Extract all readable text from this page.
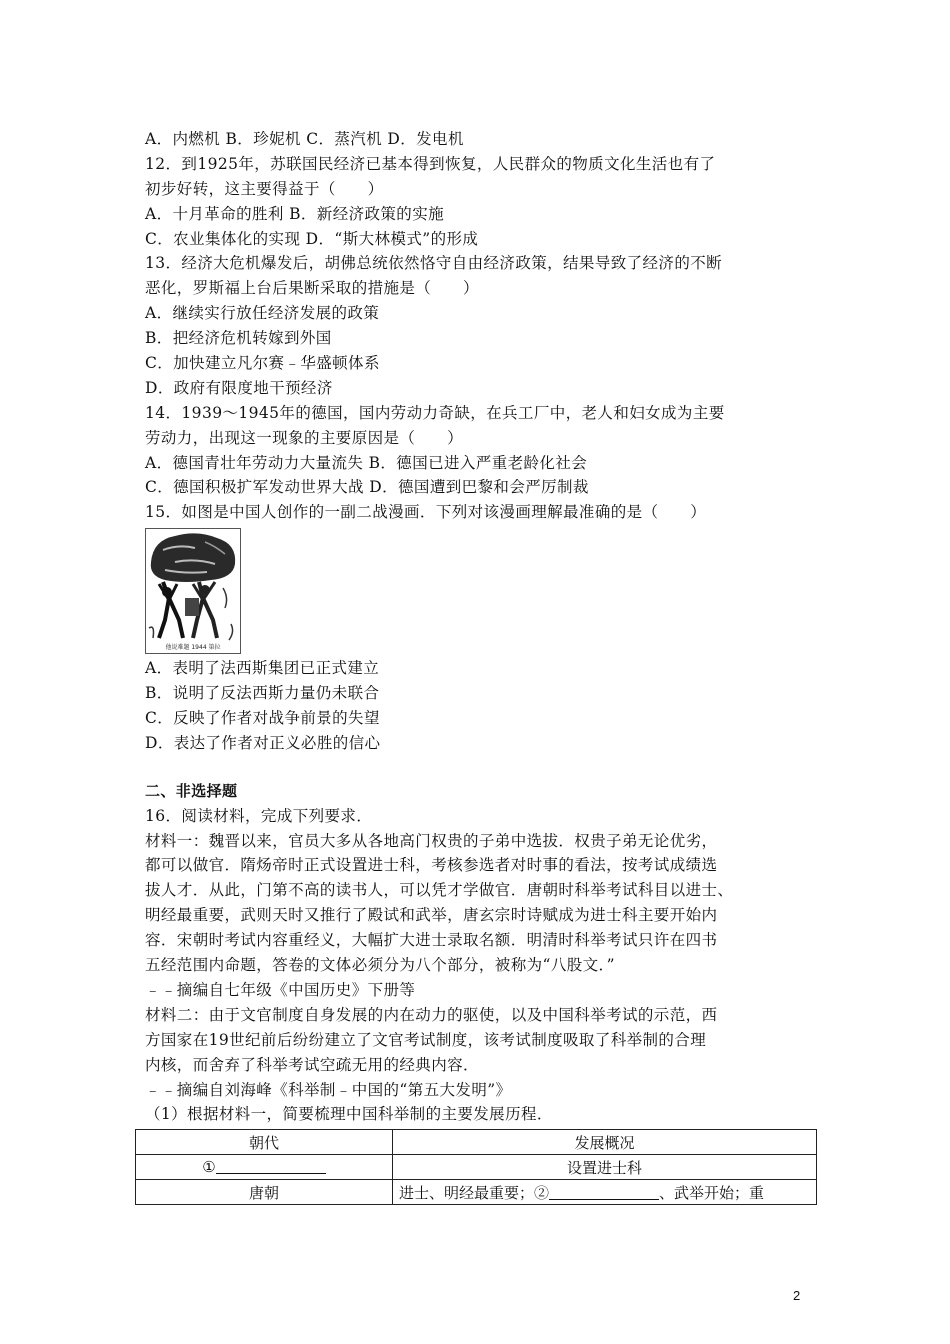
A．内燃机 B．珍妮机 C．蒸汽机 D．发电机
12．到1925年，苏联国民经济已基本得到恢复，人民群众的物质文化生活也有了
初步好转，这主要得益于（　　）
A．十月革命的胜利 B．新经济政策的实施
C．农业集体化的实现 D．“斯大林模式”的形成
13．经济大危机爆发后，胡佛总统依然恪守自由经济政策，结果导致了经济的不断
恶化，罗斯福上台后果断采取的措施是（　　）
A．继续实行放任经济发展的政策
B．把经济危机转嫁到外国
C．加快建立凡尔赛﹣华盛顿体系
D．政府有限度地干预经济
14．1939～1945年的德国，国内劳动力奇缺，在兵工厂中，老人和妇女成为主要
劳动力，出现这一现象的主要原因是（　　）
A．德国青壮年劳动力大量流失 B．德国已进入严重老龄化社会
C．德国积极扩军发动世界大战 D．德国遭到巴黎和会严厉制裁
15．如图是中国人创作的一副二战漫画．下列对该漫画理解最准确的是（　　）
他说难题 1944 第拉
A．表明了法西斯集团已正式建立
B．说明了反法西斯力量仍未联合
C．反映了作者对战争前景的失望
D．表达了作者对正义必胜的信心
二、非选择题
16．阅读材料，完成下列要求．
材料一：魏晋以来，官员大多从各地高门权贵的子弟中选拔．权贵子弟无论优劣，
都可以做官．隋炀帝时正式设置进士科，考核参选者对时事的看法，按考试成绩选
拔人才．从此，门第不高的读书人，可以凭才学做官．唐朝时科举考试科目以进士、
明经最重要，武则天时又推行了殿试和武举，唐玄宗时诗赋成为进士科主要开始内
容．宋朝时考试内容重经义，大幅扩大进士录取名额．明清时科举考试只许在四书
五经范围内命题，答卷的文体必须分为八个部分，被称为“八股文．”
﹣﹣摘编自七年级《中国历史》下册等
材料二：由于文官制度自身发展的内在动力的驱使，以及中国科举考试的示范，西
方国家在19世纪前后纷纷建立了文官考试制度，该考试制度吸取了科举制的合理
内核，而舍弃了科举考试空疏无用的经典内容．
﹣﹣摘编自刘海峰《科举制﹣中国的“第五大发明”》
（1）根据材料一，简要梳理中国科举制的主要发展历程．
朝代	发展概况
①	设置进士科
唐朝	进士、明经最重要；② 、武举开始；重
2
